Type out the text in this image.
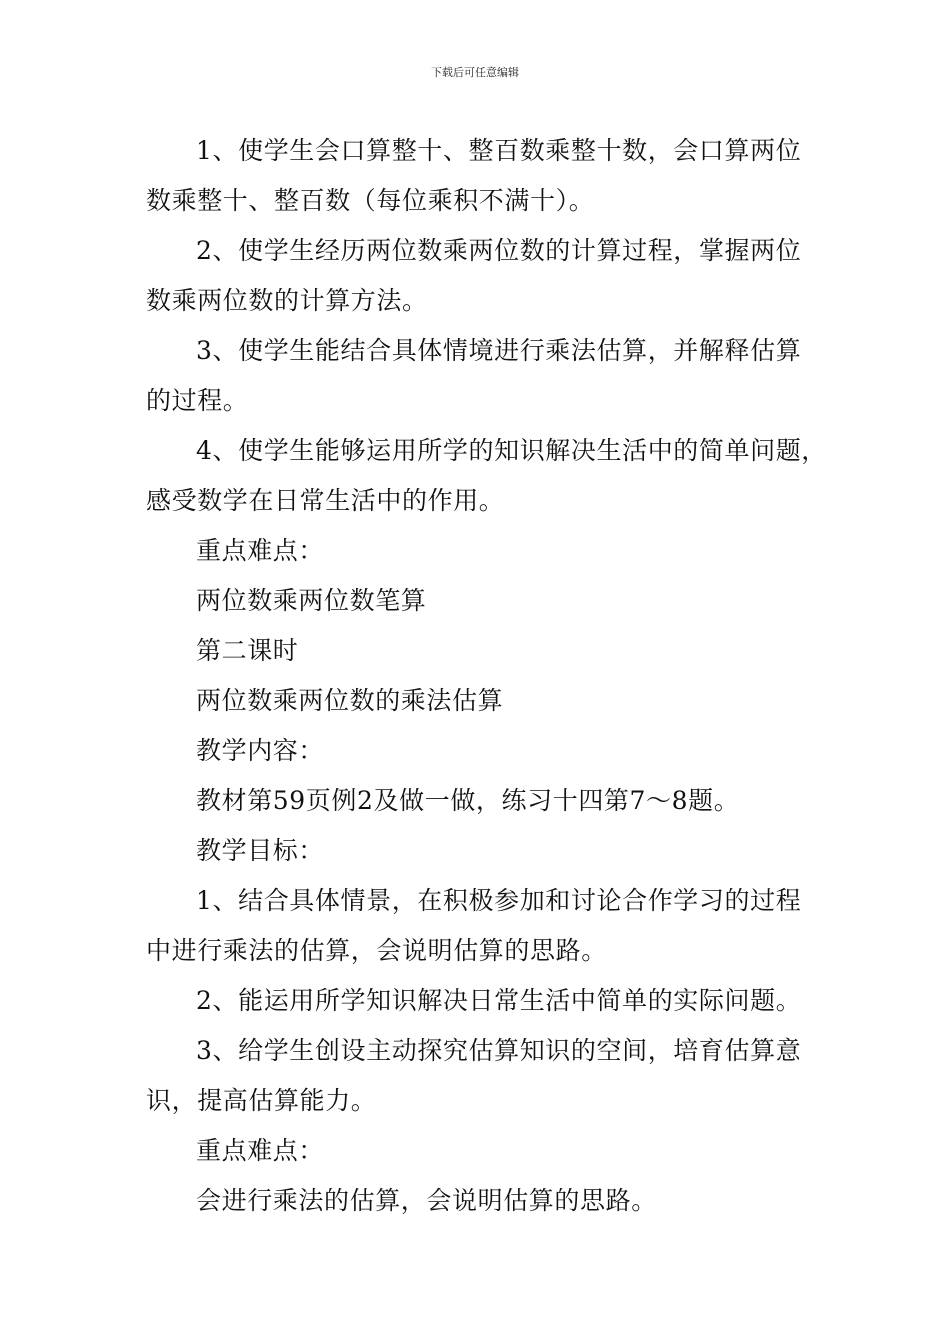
下载后可任意编辑
1、使学生会口算整十、整百数乘整十数，会口算两位
数乘整十、整百数（每位乘积不满十）。
2、使学生经历两位数乘两位数的计算过程，掌握两位
数乘两位数的计算方法。
3、使学生能结合具体情境进行乘法估算，并解释估算
的过程。
4、使学生能够运用所学的知识解决生活中的简单问题，
感受数学在日常生活中的作用。
重点难点：
两位数乘两位数笔算
第二课时
两位数乘两位数的乘法估算
教学内容：
教材第59页例2及做一做，练习十四第7～8题。
教学目标：
1、结合具体情景，在积极参加和讨论合作学习的过程
中进行乘法的估算，会说明估算的思路。
2、能运用所学知识解决日常生活中简单的实际问题。
3、给学生创设主动探究估算知识的空间，培育估算意
识，提高估算能力。
重点难点：
会进行乘法的估算，会说明估算的思路。
